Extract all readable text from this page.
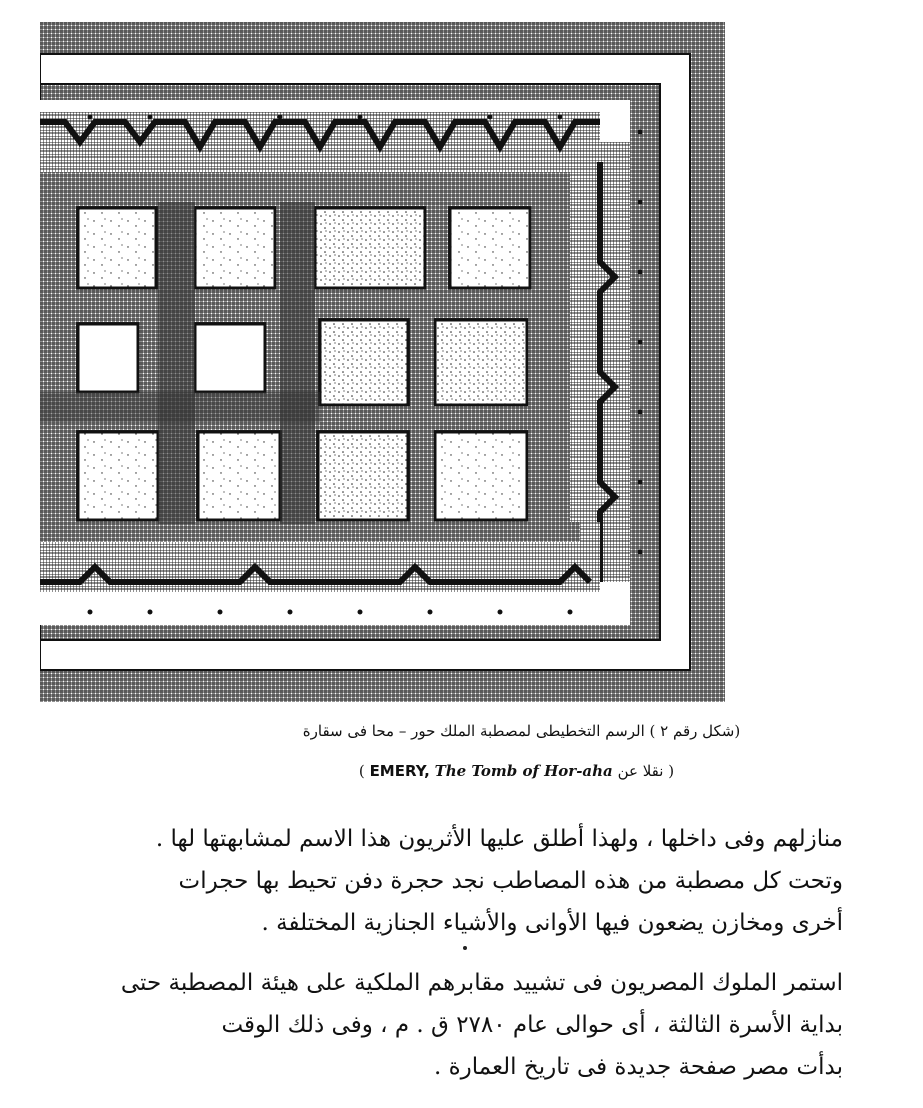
(شكل رقم ٢ ) الرسم التخطيطى لمصطبة الملك حور – محا فى سقارة
( EMERY, The Tomb of Hor-aha نقلا عن )
منازلهم وفى داخلها ، ولهذا أطلق عليها الأثريون هذا الاسم لمشابهتها لها .
وتحت كل مصطبة من هذه المصاطب نجد حجرة دفن تحيط بها حجرات
أخرى ومخازن يضعون فيها الأوانى والأشياء الجنازية المختلفة .
استمر الملوك المصريون فى تشييد مقابرهم الملكية على هيئة المصطبة حتى
بداية الأسرة الثالثة ، أى حوالى عام ٢٧٨٠ ق . م ، وفى ذلك الوقت
بدأت مصر صفحة جديدة فى تاريخ العمارة .
